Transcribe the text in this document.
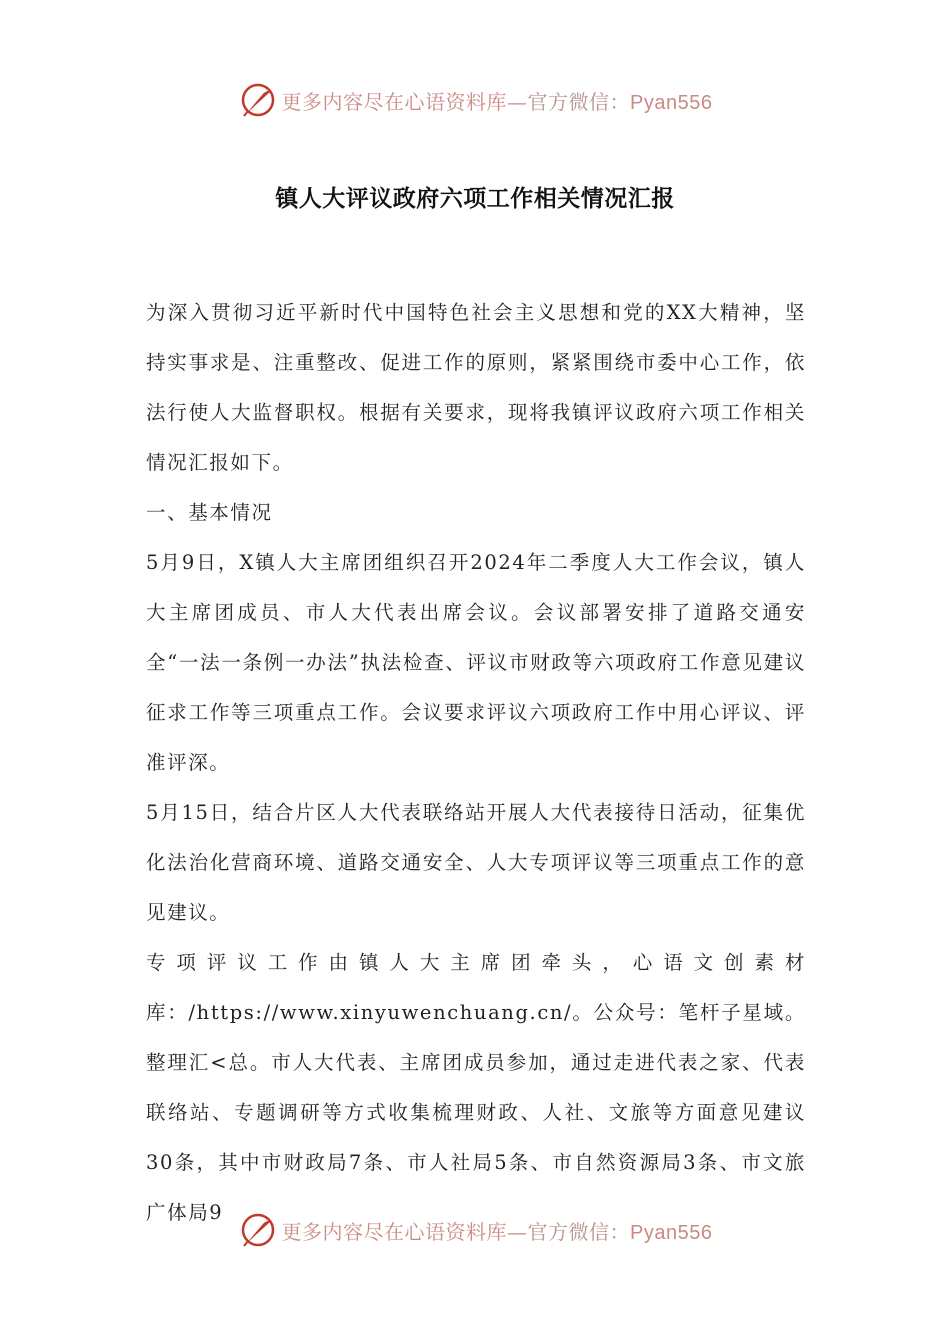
更多内容尽在心语资料库—官方微信：Pyan556
镇人大评议政府六项工作相关情况汇报

为深入贯彻习近平新时代中国特色社会主义思想和党的XX大精神，坚持实事求是、注重整改、促进工作的原则，紧紧围绕市委中心工作，依法行使人大监督职权。根据有关要求，现将我镇评议政府六项工作相关情况汇报如下。

一、基本情况

5月9日，X镇人大主席团组织召开2024年二季度人大工作会议，镇人大主席团成员、市人大代表出席会议。会议部署安排了道路交通安全“一法一条例一办法”执法检查、评议市财政等六项政府工作意见建议征求工作等三项重点工作。会议要求评议六项政府工作中用心评议、评准评深。

5月15日，结合片区人大代表联络站开展人大代表接待日活动，征集优化法治化营商环境、道路交通安全、人大专项评议等三项重点工作的意见建议。

专项评议工作由镇人大主席团牵头，心语文创素材库：/https://www.xinyuwenchuang.cn/。公众号：笔杆子星域。整理汇<总。市人大代表、主席团成员参加，通过走进代表之家、代表联络站、专题调研等方式收集梳理财政、人社、文旅等方面意见建议30条，其中市财政局7条、市人社局5条、市自然资源局3条、市文旅广体局9

更多内容尽在心语资料库—官方微信：Pyan556
